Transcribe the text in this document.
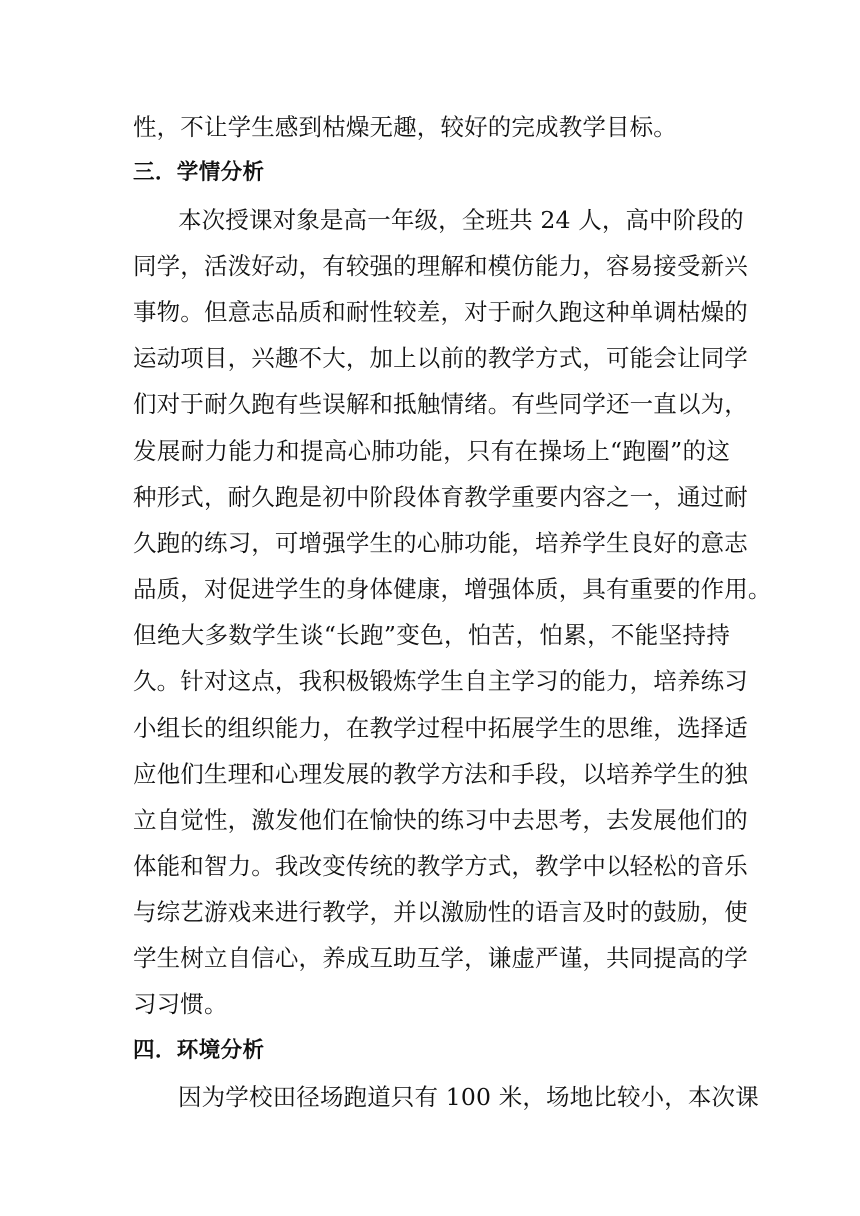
性，不让学生感到枯燥无趣，较好的完成教学目标。
三．学情分析
本次授课对象是高一年级，全班共 24 人，高中阶段的
同学，活泼好动，有较强的理解和模仿能力，容易接受新兴
事物。但意志品质和耐性较差，对于耐久跑这种单调枯燥的
运动项目，兴趣不大，加上以前的教学方式，可能会让同学
们对于耐久跑有些误解和抵触情绪。有些同学还一直以为，
发展耐力能力和提高心肺功能，只有在操场上“跑圈”的这
种形式，耐久跑是初中阶段体育教学重要内容之一，通过耐
久跑的练习，可增强学生的心肺功能，培养学生良好的意志
品质，对促进学生的身体健康，增强体质，具有重要的作用。
但绝大多数学生谈“长跑”变色，怕苦，怕累，不能坚持持
久。针对这点，我积极锻炼学生自主学习的能力，培养练习
小组长的组织能力，在教学过程中拓展学生的思维，选择适
应他们生理和心理发展的教学方法和手段，以培养学生的独
立自觉性，激发他们在愉快的练习中去思考，去发展他们的
体能和智力。我改变传统的教学方式，教学中以轻松的音乐
与综艺游戏来进行教学，并以激励性的语言及时的鼓励，使
学生树立自信心，养成互助互学，谦虚严谨，共同提高的学
习习惯。
四．环境分析
因为学校田径场跑道只有 100 米，场地比较小，本次课
